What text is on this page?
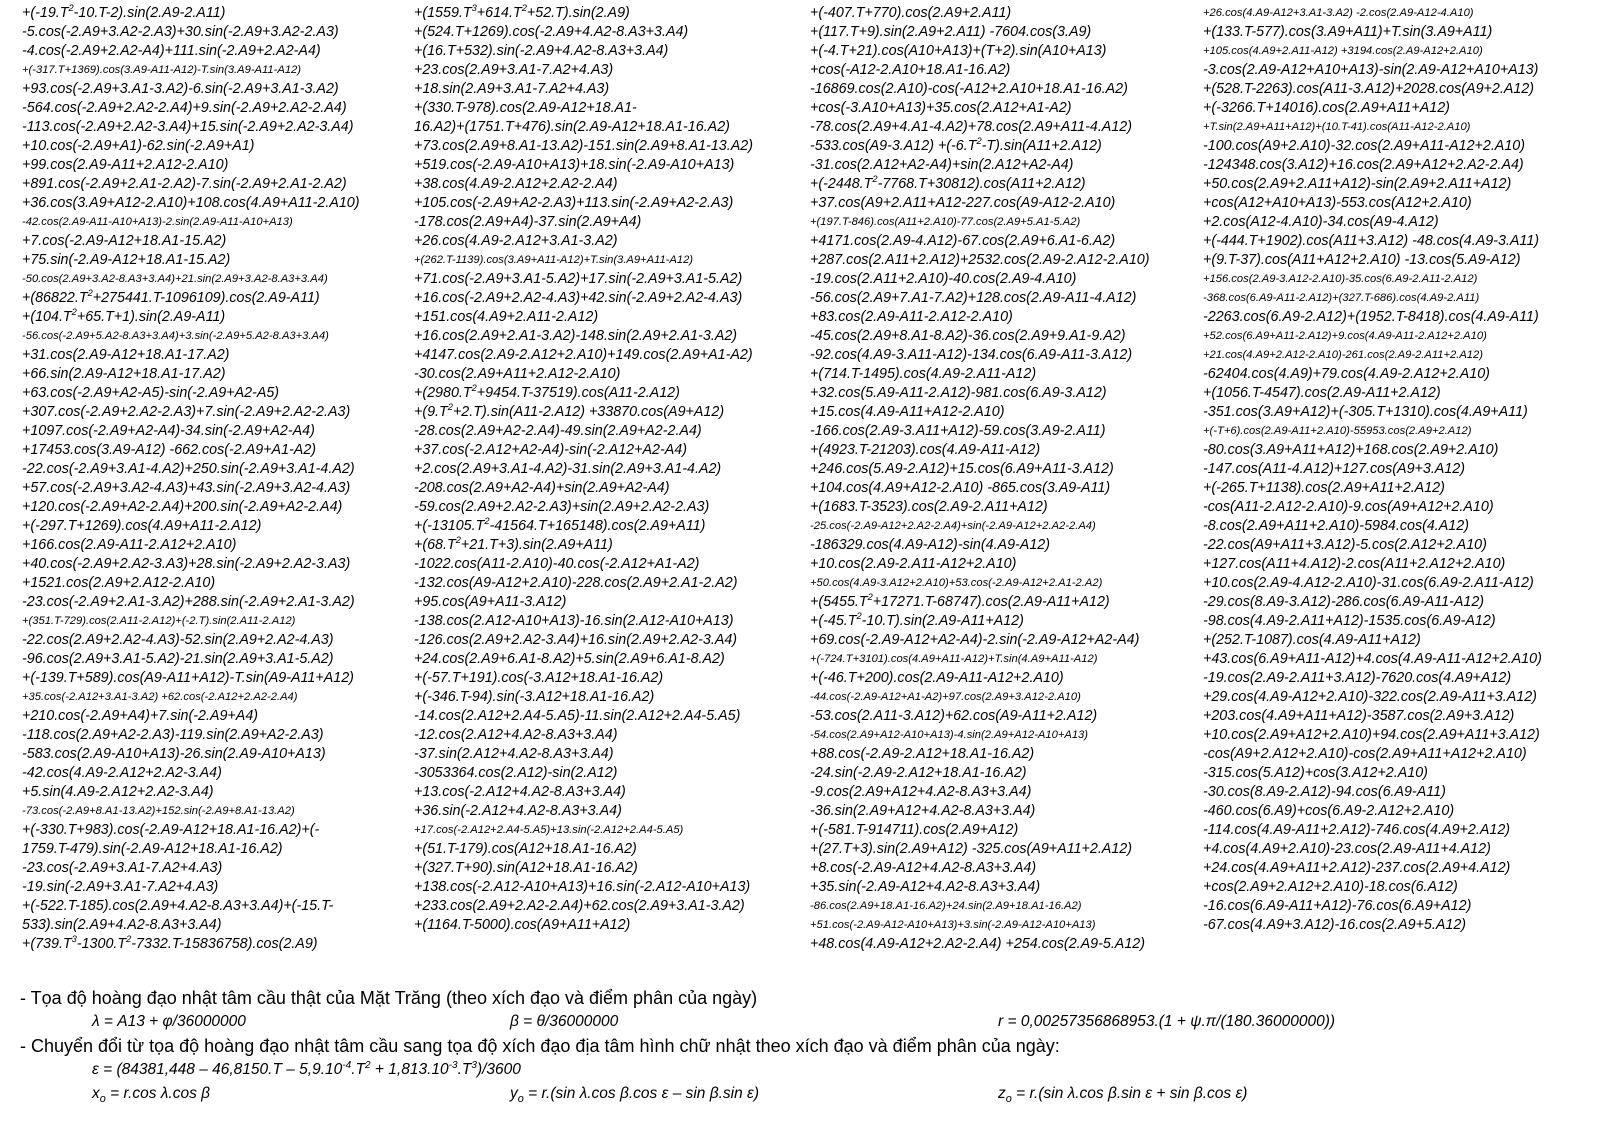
$+(-19.T^2-10.T-2).\sin(2.A9-2.A11)$
-5.cos(-2.A9+3.A2-2.A3)+30.sin(-2.A9+3.A2-2.A3)
-4.cos(-2.A9+2.A2-A4)+111.sin(-2.A9+2.A2-A4)
+(-317.T+1369).cos(3.A9-A11-A12)-T.sin(3.A9-A11-A12)
+93.cos(-2.A9+3.A1-3.A2)-6.sin(-2.A9+3.A1-3.A2)
-564.cos(-2.A9+2.A2-2.A4)+9.sin(-2.A9+2.A2-2.A4)
-113.cos(-2.A9+2.A2-3.A4)+15.sin(-2.A9+2.A2-3.A4)
+10.cos(-2.A9+A1)-62.sin(-2.A9+A1)
+99.cos(2.A9-A11+2.A12-2.A10)
+891.cos(-2.A9+2.A1-2.A2)-7.sin(-2.A9+2.A1-2.A2)
+36.cos(3.A9+A12-2.A10)+108.cos(4.A9+A11-2.A10)
-42.cos(2.A9-A11-A10+A13)-2.sin(2.A9-A11-A10+A13)
+7.cos(-2.A9-A12+18.A1-15.A2)
+75.sin(-2.A9-A12+18.A1-15.A2)
-50.cos(2.A9+3.A2-8.A3+3.A4)+21.sin(2.A9+3.A2-8.A3+3.A4)
$+(86822.T^2+275441.T-1096109).\cos(2.A9-A11)$
$+(104.T^2+65.T+1).\sin(2.A9-A11)$
-56.cos(-2.A9+5.A2-8.A3+3.A4)+3.sin(-2.A9+5.A2-8.A3+3.A4)
+31.cos(2.A9-A12+18.A1-17.A2)
+66.sin(2.A9-A12+18.A1-17.A2)
+63.cos(-2.A9+A2-A5)-sin(-2.A9+A2-A5)
+307.cos(-2.A9+2.A2-2.A3)+7.sin(-2.A9+2.A2-2.A3)
+1097.cos(-2.A9+A2-A4)-34.sin(-2.A9+A2-A4)
+17453.cos(3.A9-A12) -662.cos(-2.A9+A1-A2)
-22.cos(-2.A9+3.A1-4.A2)+250.sin(-2.A9+3.A1-4.A2)
+57.cos(-2.A9+3.A2-4.A3)+43.sin(-2.A9+3.A2-4.A3)
+120.cos(-2.A9+A2-2.A4)+200.sin(-2.A9+A2-2.A4)
+(-297.T+1269).cos(4.A9+A11-2.A12)
+166.cos(2.A9-A11-2.A12+2.A10)
+40.cos(-2.A9+2.A2-3.A3)+28.sin(-2.A9+2.A2-3.A3)
+1521.cos(2.A9+2.A12-2.A10)
-23.cos(-2.A9+2.A1-3.A2)+288.sin(-2.A9+2.A1-3.A2)
+(351.T-729).cos(2.A11-2.A12)+(-2.T).sin(2.A11-2.A12)
-22.cos(2.A9+2.A2-4.A3)-52.sin(2.A9+2.A2-4.A3)
-96.cos(2.A9+3.A1-5.A2)-21.sin(2.A9+3.A1-5.A2)
+(-139.T+589).cos(A9-A11+A12)-T.sin(A9-A11+A12)
+35.cos(-2.A12+3.A1-3.A2) +62.cos(-2.A12+2.A2-2.A4)
+210.cos(-2.A9+A4)+7.sin(-2.A9+A4)
-118.cos(2.A9+A2-2.A3)-119.sin(2.A9+A2-2.A3)
-583.cos(2.A9-A10+A13)-26.sin(2.A9-A10+A13)
-42.cos(4.A9-2.A12+2.A2-3.A4)
+5.sin(4.A9-2.A12+2.A2-3.A4)
-73.cos(-2.A9+8.A1-13.A2)+152.sin(-2.A9+8.A1-13.A2)
+(-330.T+983).cos(-2.A9-A12+18.A1-16.A2)+(-
1759.T-479).sin(-2.A9-A12+18.A1-16.A2)
-23.cos(-2.A9+3.A1-7.A2+4.A3)
-19.sin(-2.A9+3.A1-7.A2+4.A3)
+(-522.T-185).cos(2.A9+4.A2-8.A3+3.A4)+(-15.T-
533).sin(2.A9+4.A2-8.A3+3.A4)
$+(739.T^3-1300.T^2-7332.T-15836758).\cos(2.A9)$
$+(1559.T^3+614.T^2+52.T).\sin(2.A9)$
+(524.T+1269).cos(-2.A9+4.A2-8.A3+3.A4)
+(16.T+532).sin(-2.A9+4.A2-8.A3+3.A4)
+23.cos(2.A9+3.A1-7.A2+4.A3)
+18.sin(2.A9+3.A1-7.A2+4.A3)
+(330.T-978).cos(2.A9-A12+18.A1-
16.A2)+(1751.T+476).sin(2.A9-A12+18.A1-16.A2)
+73.cos(2.A9+8.A1-13.A2)-151.sin(2.A9+8.A1-13.A2)
+519.cos(-2.A9-A10+A13)+18.sin(-2.A9-A10+A13)
+38.cos(4.A9-2.A12+2.A2-2.A4)
+105.cos(-2.A9+A2-2.A3)+113.sin(-2.A9+A2-2.A3)
-178.cos(2.A9+A4)-37.sin(2.A9+A4)
+26.cos(4.A9-2.A12+3.A1-3.A2)
+(262.T-1139).cos(3.A9+A11-A12)+T.sin(3.A9+A11-A12)
+71.cos(-2.A9+3.A1-5.A2)+17.sin(-2.A9+3.A1-5.A2)
+16.cos(-2.A9+2.A2-4.A3)+42.sin(-2.A9+2.A2-4.A3)
+151.cos(4.A9+2.A11-2.A12)
+16.cos(2.A9+2.A1-3.A2)-148.sin(2.A9+2.A1-3.A2)
+4147.cos(2.A9-2.A12+2.A10)+149.cos(2.A9+A1-A2)
-30.cos(2.A9+A11+2.A12-2.A10)
$+(2980.T^2+9454.T-37519).\cos(A11-2.A12)$
$+(9.T^2+2.T).\sin(A11-2.A12) +33870.\cos(A9+A12)$
-28.cos(2.A9+A2-2.A4)-49.sin(2.A9+A2-2.A4)
+37.cos(-2.A12+A2-A4)-sin(-2.A12+A2-A4)
+2.cos(2.A9+3.A1-4.A2)-31.sin(2.A9+3.A1-4.A2)
-208.cos(2.A9+A2-A4)+sin(2.A9+A2-A4)
-59.cos(2.A9+2.A2-2.A3)+sin(2.A9+2.A2-2.A3)
$+(-13105.T^2-41564.T+165148).\cos(2.A9+A11)$
$+(68.T^2+21.T+3).\sin(2.A9+A11)$
-1022.cos(A11-2.A10)-40.cos(-2.A12+A1-A2)
-132.cos(A9-A12+2.A10)-228.cos(2.A9+2.A1-2.A2)
+95.cos(A9+A11-3.A12)
-138.cos(2.A12-A10+A13)-16.sin(2.A12-A10+A13)
-126.cos(2.A9+2.A2-3.A4)+16.sin(2.A9+2.A2-3.A4)
+24.cos(2.A9+6.A1-8.A2)+5.sin(2.A9+6.A1-8.A2)
+(-57.T+191).cos(-3.A12+18.A1-16.A2)
+(-346.T-94).sin(-3.A12+18.A1-16.A2)
-14.cos(2.A12+2.A4-5.A5)-11.sin(2.A12+2.A4-5.A5)
-12.cos(2.A12+4.A2-8.A3+3.A4)
-37.sin(2.A12+4.A2-8.A3+3.A4)
-3053364.cos(2.A12)-sin(2.A12)
+13.cos(-2.A12+4.A2-8.A3+3.A4)
+36.sin(-2.A12+4.A2-8.A3+3.A4)
+17.cos(-2.A12+2.A4-5.A5)+13.sin(-2.A12+2.A4-5.A5)
+(51.T-179).cos(A12+18.A1-16.A2)
+(327.T+90).sin(A12+18.A1-16.A2)
+138.cos(-2.A12-A10+A13)+16.sin(-2.A12-A10+A13)
+233.cos(2.A9+2.A2-2.A4)+62.cos(2.A9+3.A1-3.A2)
+(1164.T-5000).cos(A9+A11+A12)
+(-407.T+770).cos(2.A9+2.A11)
+(117.T+9).sin(2.A9+2.A11) -7604.cos(3.A9)
+(-4.T+21).cos(A10+A13)+(T+2).sin(A10+A13)
+cos(-A12-2.A10+18.A1-16.A2)
-16869.cos(2.A10)-cos(-A12+2.A10+18.A1-16.A2)
+cos(-3.A10+A13)+35.cos(2.A12+A1-A2)
-78.cos(2.A9+4.A1-4.A2)+78.cos(2.A9+A11-4.A12)
$-533.\cos(A9-3.A12) +(-6.T^2-T).\sin(A11+2.A12)$
-31.cos(2.A12+A2-A4)+sin(2.A12+A2-A4)
$+(-2448.T^2-7768.T+30812).\cos(A11+2.A12)$
+37.cos(A9+2.A11+A12-227.cos(A9-A12-2.A10)
+(197.T-846).cos(A11+2.A10)-77.cos(2.A9+5.A1-5.A2)
+4171.cos(2.A9-4.A12)-67.cos(2.A9+6.A1-6.A2)
+287.cos(2.A11+2.A12)+2532.cos(2.A9-2.A12-2.A10)
-19.cos(2.A11+2.A10)-40.cos(2.A9-4.A10)
-56.cos(2.A9+7.A1-7.A2)+128.cos(2.A9-A11-4.A12)
+83.cos(2.A9-A11-2.A12-2.A10)
-45.cos(2.A9+8.A1-8.A2)-36.cos(2.A9+9.A1-9.A2)
-92.cos(4.A9-3.A11-A12)-134.cos(6.A9-A11-3.A12)
+(714.T-1495).cos(4.A9-2.A11-A12)
+32.cos(5.A9-A11-2.A12)-981.cos(6.A9-3.A12)
+15.cos(4.A9-A11+A12-2.A10)
-166.cos(2.A9-3.A11+A12)-59.cos(3.A9-2.A11)
+(4923.T-21203).cos(4.A9-A11-A12)
+246.cos(5.A9-2.A12)+15.cos(6.A9+A11-3.A12)
+104.cos(4.A9+A12-2.A10) -865.cos(3.A9-A11)
+(1683.T-3523).cos(2.A9-2.A11+A12)
-25.cos(-2.A9-A12+2.A2-2.A4)+sin(-2.A9-A12+2.A2-2.A4)
-186329.cos(4.A9-A12)-sin(4.A9-A12)
+10.cos(2.A9-2.A11-A12+2.A10)
+50.cos(4.A9-3.A12+2.A10)+53.cos(-2.A9-A12+2.A1-2.A2)
$+(5455.T^2+17271.T-68747).\cos(2.A9-A11+A12)$
$+(-45.T^2-10.T).\sin(2.A9-A11+A12)$
+69.cos(-2.A9-A12+A2-A4)-2.sin(-2.A9-A12+A2-A4)
+(-724.T+3101).cos(4.A9+A11-A12)+T.sin(4.A9+A11-A12)
+(-46.T+200).cos(2.A9-A11-A12+2.A10)
-44.cos(-2.A9-A12+A1-A2)+97.cos(2.A9+3.A12-2.A10)
-53.cos(2.A11-3.A12)+62.cos(A9-A11+2.A12)
-54.cos(2.A9+A12-A10+A13)-4.sin(2.A9+A12-A10+A13)
+88.cos(-2.A9-2.A12+18.A1-16.A2)
-24.sin(-2.A9-2.A12+18.A1-16.A2)
-9.cos(2.A9+A12+4.A2-8.A3+3.A4)
-36.sin(2.A9+A12+4.A2-8.A3+3.A4)
+(-581.T-914711).cos(2.A9+A12)
+(27.T+3).sin(2.A9+A12) -325.cos(A9+A11+2.A12)
+8.cos(-2.A9-A12+4.A2-8.A3+3.A4)
+35.sin(-2.A9-A12+4.A2-8.A3+3.A4)
-86.cos(2.A9+18.A1-16.A2)+24.sin(2.A9+18.A1-16.A2)
+51.cos(-2.A9-A12-A10+A13)+3.sin(-2.A9-A12-A10+A13)
+48.cos(4.A9-A12+2.A2-2.A4) +254.cos(2.A9-5.A12)
+26.cos(4.A9-A12+3.A1-3.A2) -2.cos(2.A9-A12-4.A10)
+(133.T-577).cos(3.A9+A11)+T.sin(3.A9+A11)
+105.cos(4.A9+2.A11-A12) +3194.cos(2.A9-A12+2.A10)
-3.cos(2.A9-A12+A10+A13)-sin(2.A9-A12+A10+A13)
+(528.T-2263).cos(A11-3.A12)+2028.cos(A9+2.A12)
+(-3266.T+14016).cos(2.A9+A11+A12)
+T.sin(2.A9+A11+A12)+(10.T-41).cos(A11-A12-2.A10)
-100.cos(A9+2.A10)-32.cos(2.A9+A11-A12+2.A10)
-124348.cos(3.A12)+16.cos(2.A9+A12+2.A2-2.A4)
+50.cos(2.A9+2.A11+A12)-sin(2.A9+2.A11+A12)
+cos(A12+A10+A13)-553.cos(A12+2.A10)
+2.cos(A12-4.A10)-34.cos(A9-4.A12)
+(-444.T+1902).cos(A11+3.A12) -48.cos(4.A9-3.A11)
+(9.T-37).cos(A11+A12+2.A10) -13.cos(5.A9-A12)
+156.cos(2.A9-3.A12-2.A10)-35.cos(6.A9-2.A11-2.A12)
-368.cos(6.A9-A11-2.A12)+(327.T-686).cos(4.A9-2.A11)
-2263.cos(6.A9-2.A12)+(1952.T-8418).cos(4.A9-A11)
+52.cos(6.A9+A11-2.A12)+9.cos(4.A9-A11-2.A12+2.A10)
+21.cos(4.A9+2.A12-2.A10)-261.cos(2.A9-2.A11+2.A12)
-62404.cos(4.A9)+79.cos(4.A9-2.A12+2.A10)
+(1056.T-4547).cos(2.A9-A11+2.A12)
-351.cos(3.A9+A12)+(-305.T+1310).cos(4.A9+A11)
+(-T+6).cos(2.A9-A11+2.A10)-55953.cos(2.A9+2.A12)
-80.cos(3.A9+A11+A12)+168.cos(2.A9+2.A10)
-147.cos(A11-4.A12)+127.cos(A9+3.A12)
+(-265.T+1138).cos(2.A9+A11+2.A12)
-cos(A11-2.A12-2.A10)-9.cos(A9+A12+2.A10)
-8.cos(2.A9+A11+2.A10)-5984.cos(4.A12)
-22.cos(A9+A11+3.A12)-5.cos(2.A12+2.A10)
+127.cos(A11+4.A12)-2.cos(A11+2.A12+2.A10)
+10.cos(2.A9-4.A12-2.A10)-31.cos(6.A9-2.A11-A12)
-29.cos(8.A9-3.A12)-286.cos(6.A9-A11-A12)
-98.cos(4.A9-2.A11+A12)-1535.cos(6.A9-A12)
+(252.T-1087).cos(4.A9-A11+A12)
+43.cos(6.A9+A11-A12)+4.cos(4.A9-A11-A12+2.A10)
-19.cos(2.A9-2.A11+3.A12)-7620.cos(4.A9+A12)
+29.cos(4.A9-A12+2.A10)-322.cos(2.A9-A11+3.A12)
+203.cos(4.A9+A11+A12)-3587.cos(2.A9+3.A12)
+10.cos(2.A9+A12+2.A10)+94.cos(2.A9+A11+3.A12)
-cos(A9+2.A12+2.A10)-cos(2.A9+A11+A12+2.A10)
-315.cos(5.A12)+cos(3.A12+2.A10)
-30.cos(8.A9-2.A12)-94.cos(6.A9-A11)
-460.cos(6.A9)+cos(6.A9-2.A12+2.A10)
-114.cos(4.A9-A11+2.A12)-746.cos(4.A9+2.A12)
+4.cos(4.A9+2.A10)-23.cos(2.A9-A11+4.A12)
+24.cos(4.A9+A11+2.A12)-237.cos(2.A9+4.A12)
+cos(2.A9+2.A12+2.A10)-18.cos(6.A12)
-16.cos(6.A9-A11+A12)-76.cos(6.A9+A12)
-67.cos(4.A9+3.A12)-16.cos(2.A9+5.A12)
- Tọa độ hoàng đạo nhật tâm cầu thật của Mặt Trăng (theo xích đạo và điểm phân của ngày)
λ = A13 + φ/36000000	β = θ/36000000	r = 0,00257356868953.(1 + ψ.π/(180.36000000))
- Chuyển đổi từ tọa độ hoàng đạo nhật tâm cầu sang tọa độ xích đạo địa tâm hình chữ nhật theo xích đạo và điểm phân của ngày:
$\varepsilon = (84381,448 - 46,8150.T - 5,9.10^{-4}.T^2 + 1,813.10^{-3}.T^3)/3600$
$x_o = r.\cos$ λ.cos β	$y_o = r.(\sin$ λ.cos β.cos ε – sin β.sin ε)	$z_o = r.(\sin$ λ.cos β.sin ε + sin β.cos ε)
